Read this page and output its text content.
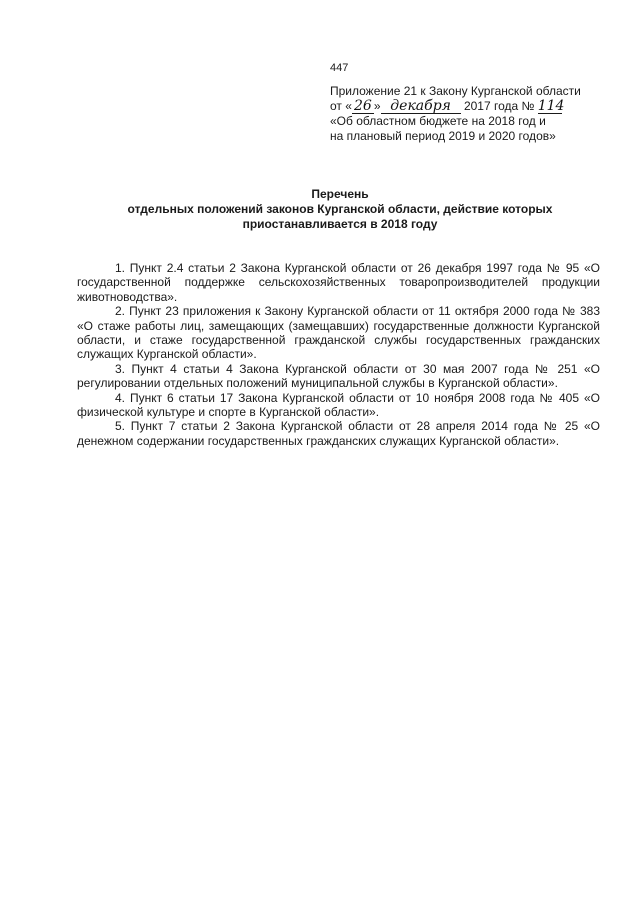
447
Приложение 21 к Закону Курганской области
от « 26 » декабря 2017 года № 114
«Об областном бюджете на 2018 год и
на плановый период 2019 и 2020 годов»
Перечень
отдельных положений законов Курганской области, действие которых
приостанавливается в 2018 году

1. Пункт 2.4 статьи 2 Закона Курганской области от 26 декабря 1997 года № 95 «О государственной поддержке сельскохозяйственных товаропроизводителей продукции животноводства».

2. Пункт 23 приложения к Закону Курганской области от 11 октября 2000 года № 383 «О стаже работы лиц, замещающих (замещавших) государственные должности Курганской области, и стаже государственной гражданской службы государственных гражданских служащих Курганской области».

3. Пункт 4 статьи 4 Закона Курганской области от 30 мая 2007 года № 251 «О регулировании отдельных положений муниципальной службы в Курганской области».

4. Пункт 6 статьи 17 Закона Курганской области от 10 ноября 2008 года № 405 «О физической культуре и спорте в Курганской области».

5. Пункт 7 статьи 2 Закона Курганской области от 28 апреля 2014 года № 25 «О денежном содержании государственных гражданских служащих Курганской области».
